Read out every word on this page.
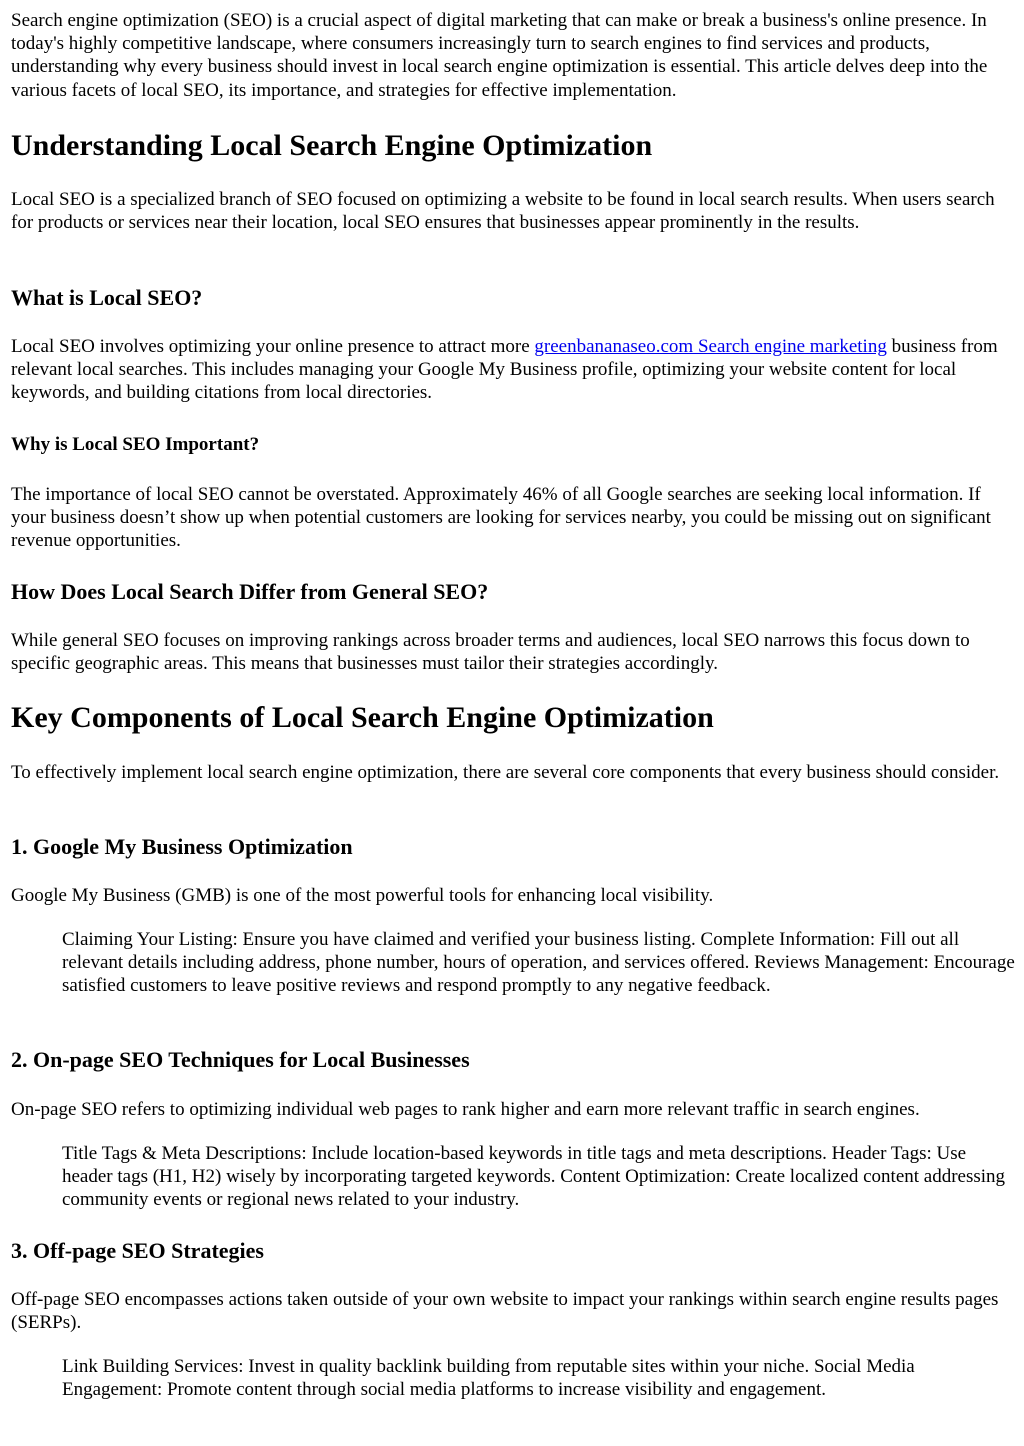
Search engine optimization (SEO) is a crucial aspect of digital marketing that can make or break a business's online presence. In today's highly competitive landscape, where consumers increasingly turn to search engines to find services and products, understanding why every business should invest in local search engine optimization is essential. This article delves deep into the various facets of local SEO, its importance, and strategies for effective implementation.

Understanding Local Search Engine Optimization

Local SEO is a specialized branch of SEO focused on optimizing a website to be found in local search results. When users search for products or services near their location, local SEO ensures that businesses appear prominently in the results.

What is Local SEO?

Local SEO involves optimizing your online presence to attract more greenbananaseo.com Search engine marketing business from relevant local searches. This includes managing your Google My Business profile, optimizing your website content for local keywords, and building citations from local directories.

Why is Local SEO Important?

The importance of local SEO cannot be overstated. Approximately 46% of all Google searches are seeking local information. If your business doesn’t show up when potential customers are looking for services nearby, you could be missing out on significant revenue opportunities.

How Does Local Search Differ from General SEO?

While general SEO focuses on improving rankings across broader terms and audiences, local SEO narrows this focus down to specific geographic areas. This means that businesses must tailor their strategies accordingly.

Key Components of Local Search Engine Optimization

To effectively implement local search engine optimization, there are several core components that every business should consider.

1. Google My Business Optimization

Google My Business (GMB) is one of the most powerful tools for enhancing local visibility.

Claiming Your Listing: Ensure you have claimed and verified your business listing. Complete Information: Fill out all relevant details including address, phone number, hours of operation, and services offered. Reviews Management: Encourage satisfied customers to leave positive reviews and respond promptly to any negative feedback.

2. On-page SEO Techniques for Local Businesses

On-page SEO refers to optimizing individual web pages to rank higher and earn more relevant traffic in search engines.

Title Tags & Meta Descriptions: Include location-based keywords in title tags and meta descriptions. Header Tags: Use header tags (H1, H2) wisely by incorporating targeted keywords. Content Optimization: Create localized content addressing community events or regional news related to your industry.

3. Off-page SEO Strategies

Off-page SEO encompasses actions taken outside of your own website to impact your rankings within search engine results pages (SERPs).

Link Building Services: Invest in quality backlink building from reputable sites within your niche. Social Media Engagement: Promote content through social media platforms to increase visibility and engagement.
